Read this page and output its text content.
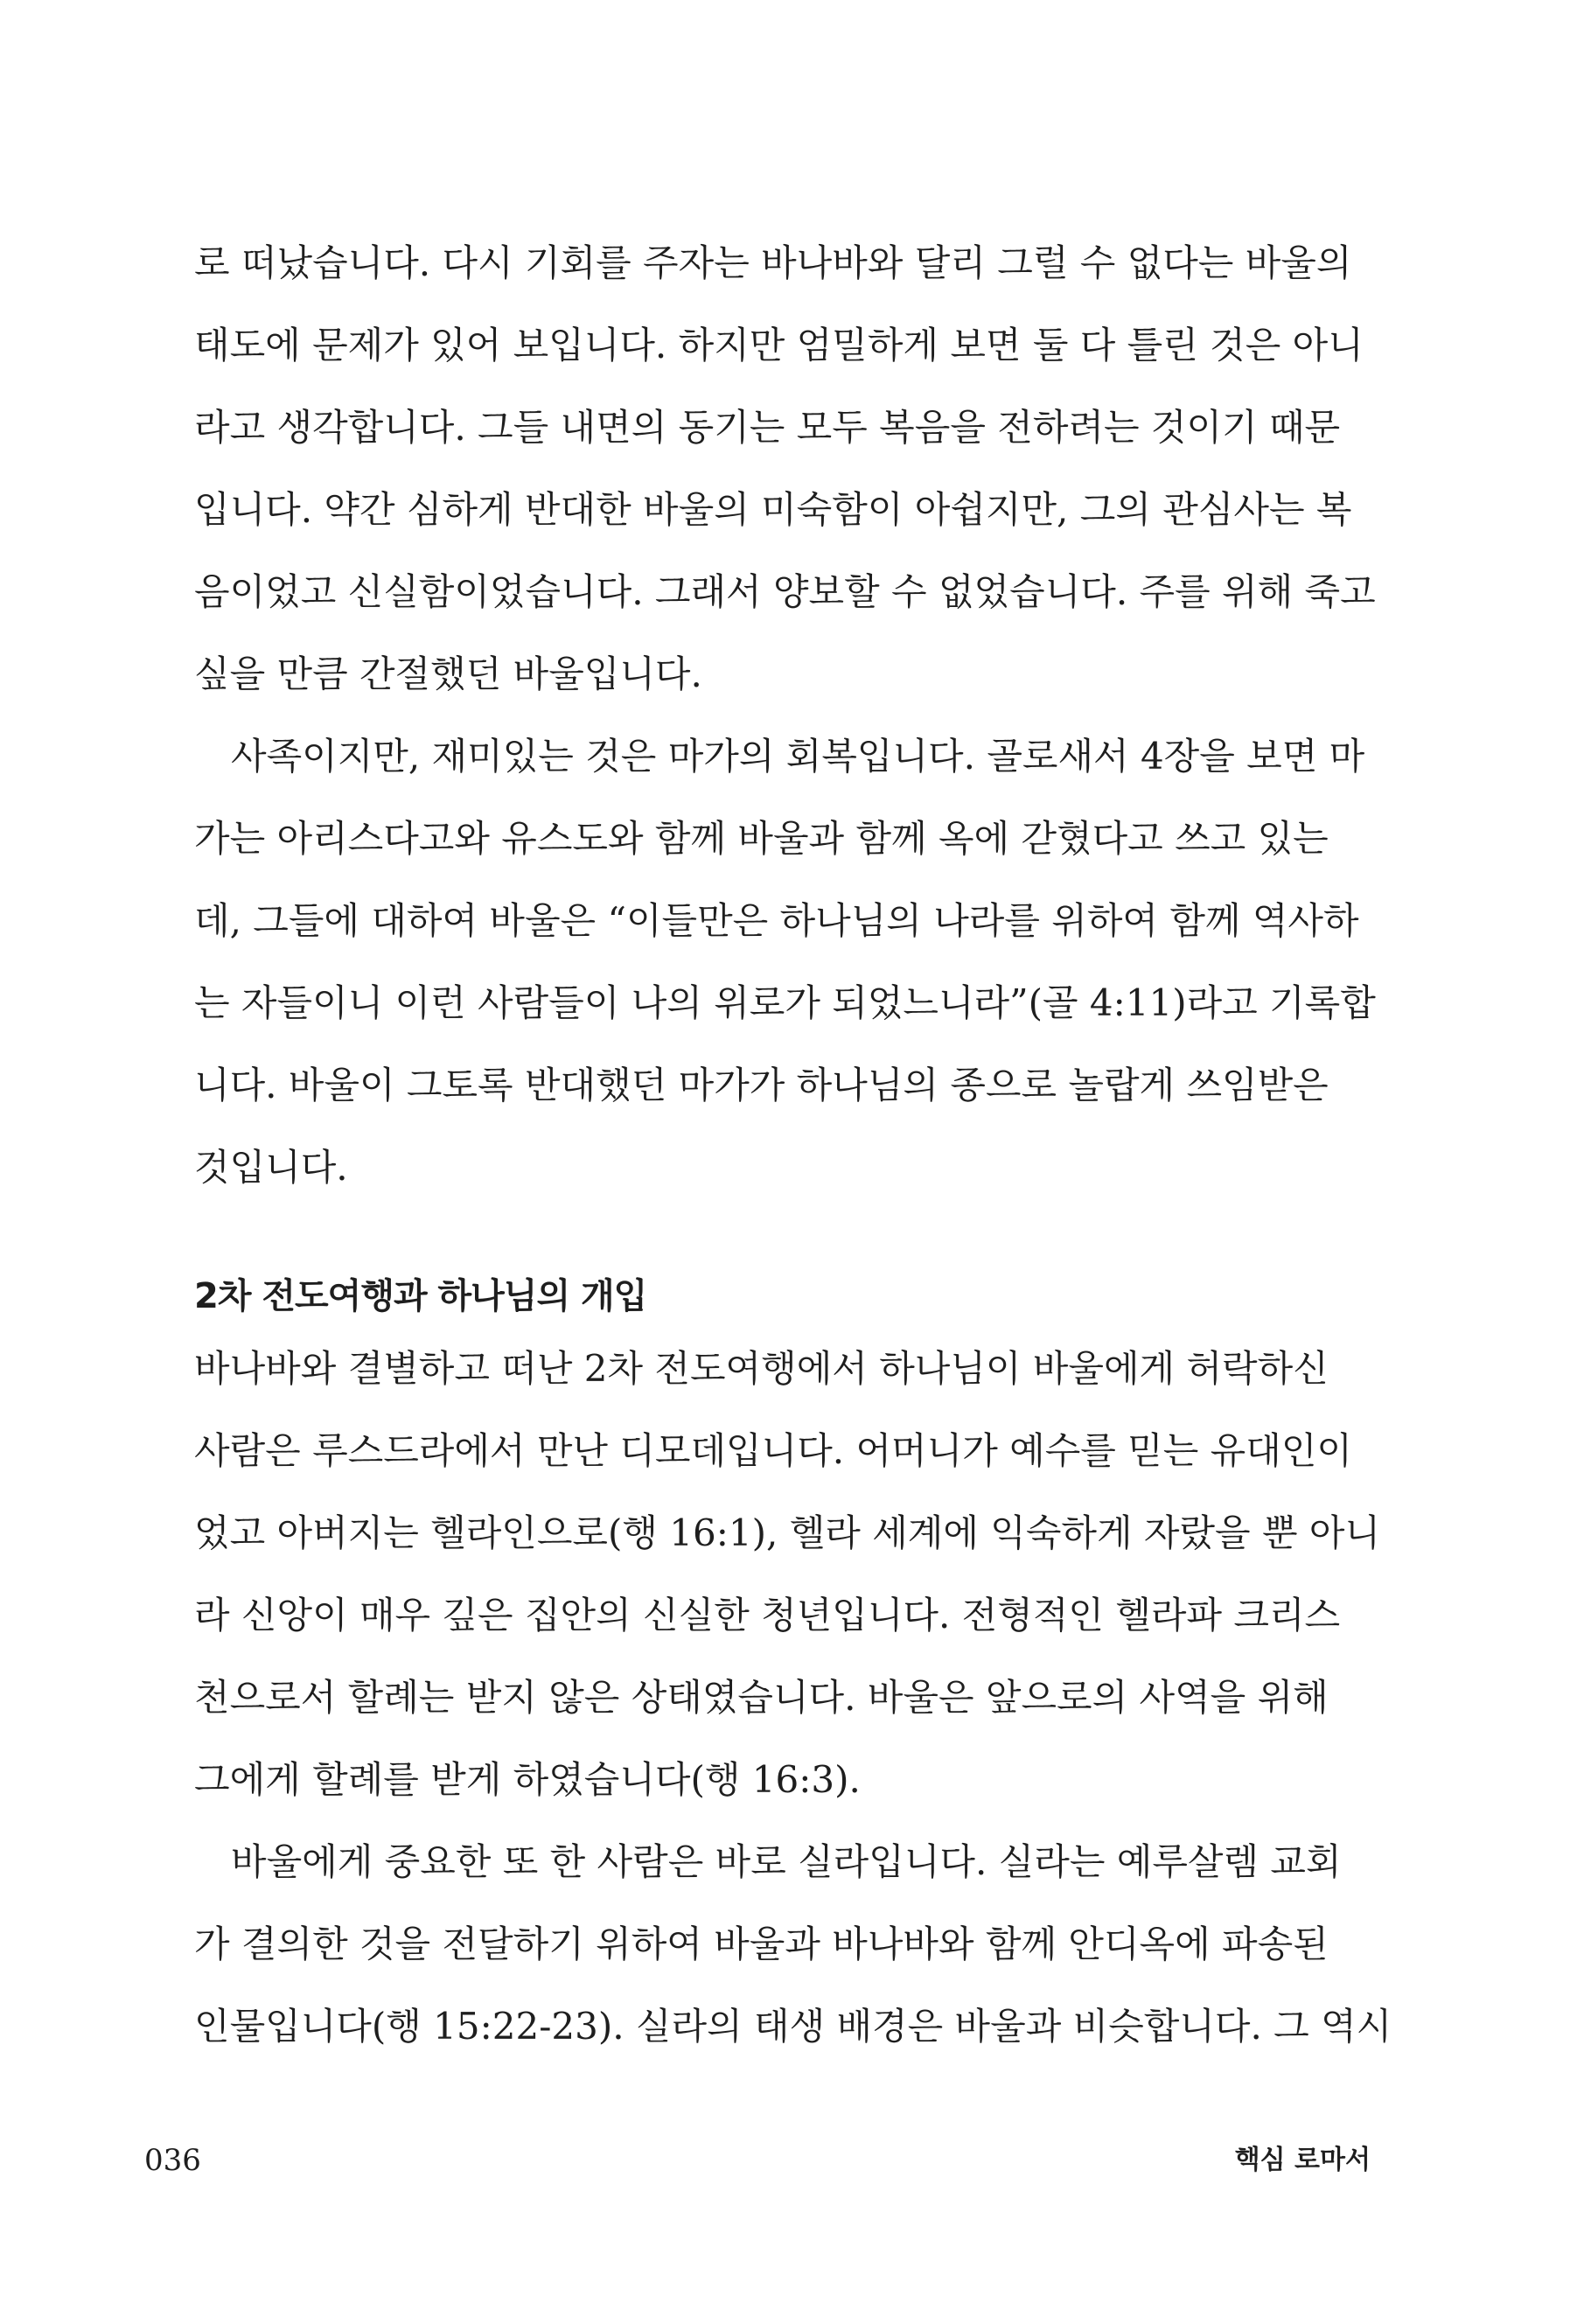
로 떠났습니다. 다시 기회를 주자는 바나바와 달리 그럴 수 없다는 바울의
태도에 문제가 있어 보입니다. 하지만 엄밀하게 보면 둘 다 틀린 것은 아니
라고 생각합니다. 그들 내면의 동기는 모두 복음을 전하려는 것이기 때문
입니다. 약간 심하게 반대한 바울의 미숙함이 아쉽지만, 그의 관심사는 복
음이었고 신실함이었습니다. 그래서 양보할 수 없었습니다. 주를 위해 죽고
싶을 만큼 간절했던 바울입니다.
사족이지만, 재미있는 것은 마가의 회복입니다. 골로새서 4장을 보면 마
가는 아리스다고와 유스도와 함께 바울과 함께 옥에 갇혔다고 쓰고 있는
데, 그들에 대하여 바울은 “이들만은 하나님의 나라를 위하여 함께 역사하
는 자들이니 이런 사람들이 나의 위로가 되었느니라”(골 4:11)라고 기록합
니다. 바울이 그토록 반대했던 마가가 하나님의 종으로 놀랍게 쓰임받은
것입니다.
2차 전도여행과 하나님의 개입
바나바와 결별하고 떠난 2차 전도여행에서 하나님이 바울에게 허락하신
사람은 루스드라에서 만난 디모데입니다. 어머니가 예수를 믿는 유대인이
었고 아버지는 헬라인으로(행 16:1), 헬라 세계에 익숙하게 자랐을 뿐 아니
라 신앙이 매우 깊은 집안의 신실한 청년입니다. 전형적인 헬라파 크리스
천으로서 할례는 받지 않은 상태였습니다. 바울은 앞으로의 사역을 위해
그에게 할례를 받게 하였습니다(행 16:3).
바울에게 중요한 또 한 사람은 바로 실라입니다. 실라는 예루살렘 교회
가 결의한 것을 전달하기 위하여 바울과 바나바와 함께 안디옥에 파송된
인물입니다(행 15:22-23). 실라의 태생 배경은 바울과 비슷합니다. 그 역시
036	핵심 로마서
